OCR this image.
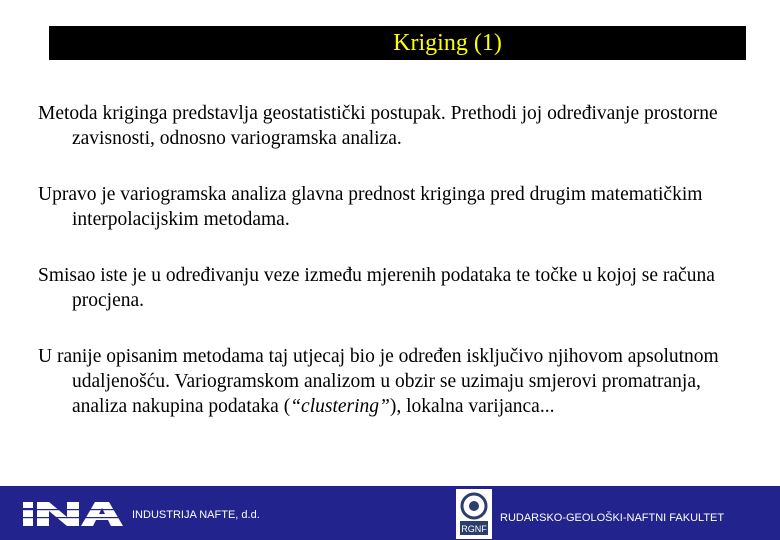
Kriging (1)

Metoda kriginga predstavlja geostatistički postupak. Prethodi joj određivanje prostorne zavisnosti, odnosno variogramska analiza.

Upravo je variogramska analiza glavna prednost kriginga pred drugim matematičkim interpolacijskim metodama.

Smisao iste je u određivanju veze između mjerenih podataka te točke u kojoj se računa procjena.

U ranije opisanim metodama taj utjecaj bio je određen isključivo njihovom apsolutnom udaljenošću. Variogramskom analizom u obzir se uzimaju smjerovi promatranja, analiza nakupina podataka (“clustering”), lokalna varijanca...

INDUSTRIJA NAFTE, d.d.
RGNF
RUDARSKO-GEOLOŠKI-NAFTNI FAKULTET
